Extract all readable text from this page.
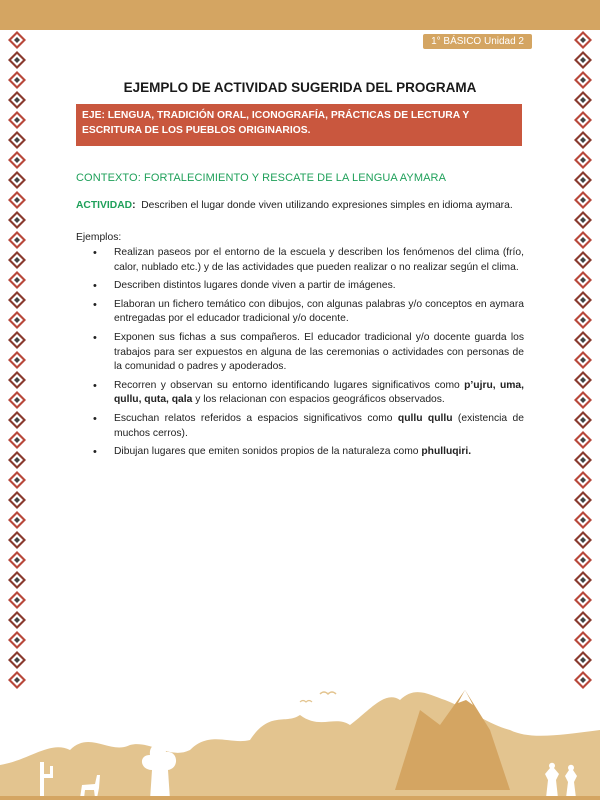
1° BÁSICO Unidad 2
EJEMPLO DE ACTIVIDAD SUGERIDA DEL PROGRAMA
EJE: LENGUA, TRADICIÓN ORAL, ICONOGRAFÍA, PRÁCTICAS DE LECTURA Y ESCRITURA DE LOS PUEBLOS ORIGINARIOS.
CONTEXTO: FORTALECIMIENTO Y RESCATE DE LA LENGUA AYMARA
ACTIVIDAD: Describen el lugar donde viven utilizando expresiones simples en idioma aymara.
Ejemplos:
• Realizan paseos por el entorno de la escuela y describen los fenómenos del clima (frío, calor, nublado etc.) y de las actividades que pueden realizar o no realizar según el clima.
• Describen distintos lugares donde viven a partir de imágenes.
• Elaboran un fichero temático con dibujos, con algunas palabras y/o conceptos en aymara entregadas por el educador tradicional y/o docente.
• Exponen sus fichas a sus compañeros. El educador tradicional y/o docente guarda los trabajos para ser expuestos en alguna de las ceremonias o actividades con personas de la comunidad o padres y apoderados.
• Recorren y observan su entorno identificando lugares significativos como p’ujru, uma, qullu, quta, qala y los relacionan con espacios geográficos observados.
• Escuchan relatos referidos a espacios significativos como qullu qullu (existencia de muchos cerros).
• Dibujan lugares que emiten sonidos propios de la naturaleza como phulluqiri.
